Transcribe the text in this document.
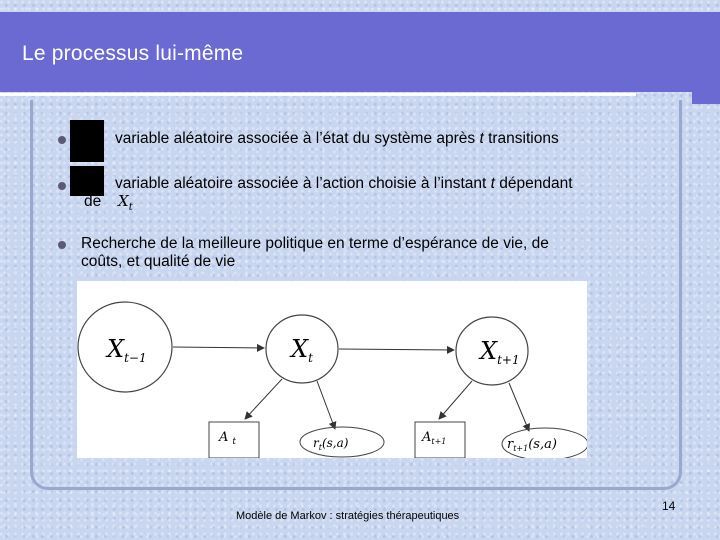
Le processus lui-même
variable aléatoire associée à l’état du système après t transitions
variable aléatoire associée à l’action choisie à l’instant t dépendant
de $X_t$
Recherche de la meilleure politique en terme d’espérance de vie, de
coûts, et qualité de vie
$X_{t-1}$	$X_t$	$X_{t+1}$
A $_t$	$A_{t+1}$
$r_t(s,a)$	$r_{t+1}(s,a)$
Modèle de Markov : stratégies thérapeutiques
14
